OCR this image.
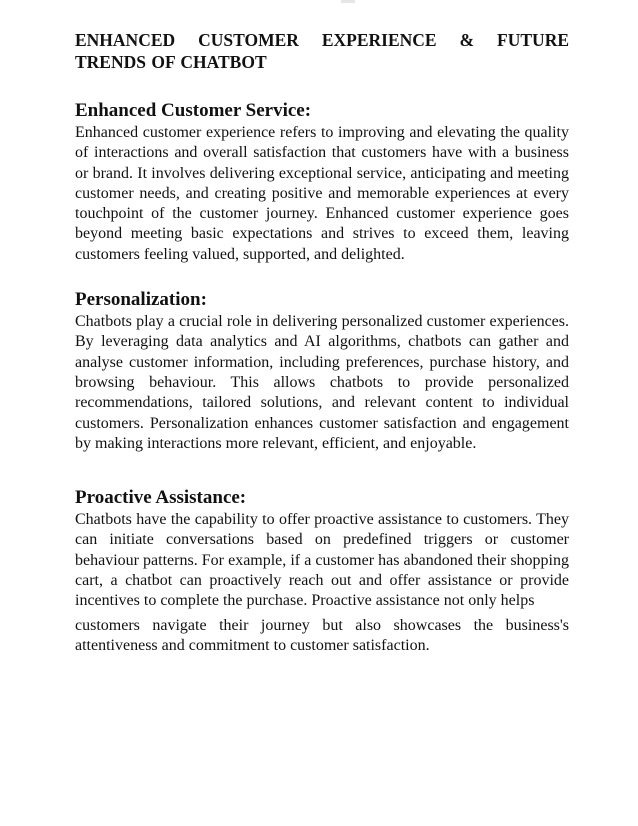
ENHANCED CUSTOMER EXPERIENCE & FUTURE
TRENDS OF CHATBOT
Enhanced Customer Service:

Enhanced customer experience refers to improving and elevating the quality of interactions and overall satisfaction that customers have with a business or brand. It involves delivering exceptional service, anticipating and meeting customer needs, and creating positive and memorable experiences at every touchpoint of the customer journey. Enhanced customer experience goes beyond meeting basic expectations and strives to exceed them, leaving customers feeling valued, supported, and delighted.

Personalization:

Chatbots play a crucial role in delivering personalized customer experiences. By leveraging data analytics and AI algorithms, chatbots can gather and analyse customer information, including preferences, purchase history, and browsing behaviour. This allows chatbots to provide personalized recommendations, tailored solutions, and relevant content to individual customers. Personalization enhances customer satisfaction and engagement by making interactions more relevant, efficient, and enjoyable.

Proactive Assistance:

Chatbots have the capability to offer proactive assistance to customers. They can initiate conversations based on predefined triggers or customer behaviour patterns. For example, if a customer has abandoned their shopping cart, a chatbot can proactively reach out and offer assistance or provide incentives to complete the purchase. Proactive assistance not only helps

customers navigate their journey but also showcases the business's attentiveness and commitment to customer satisfaction.
